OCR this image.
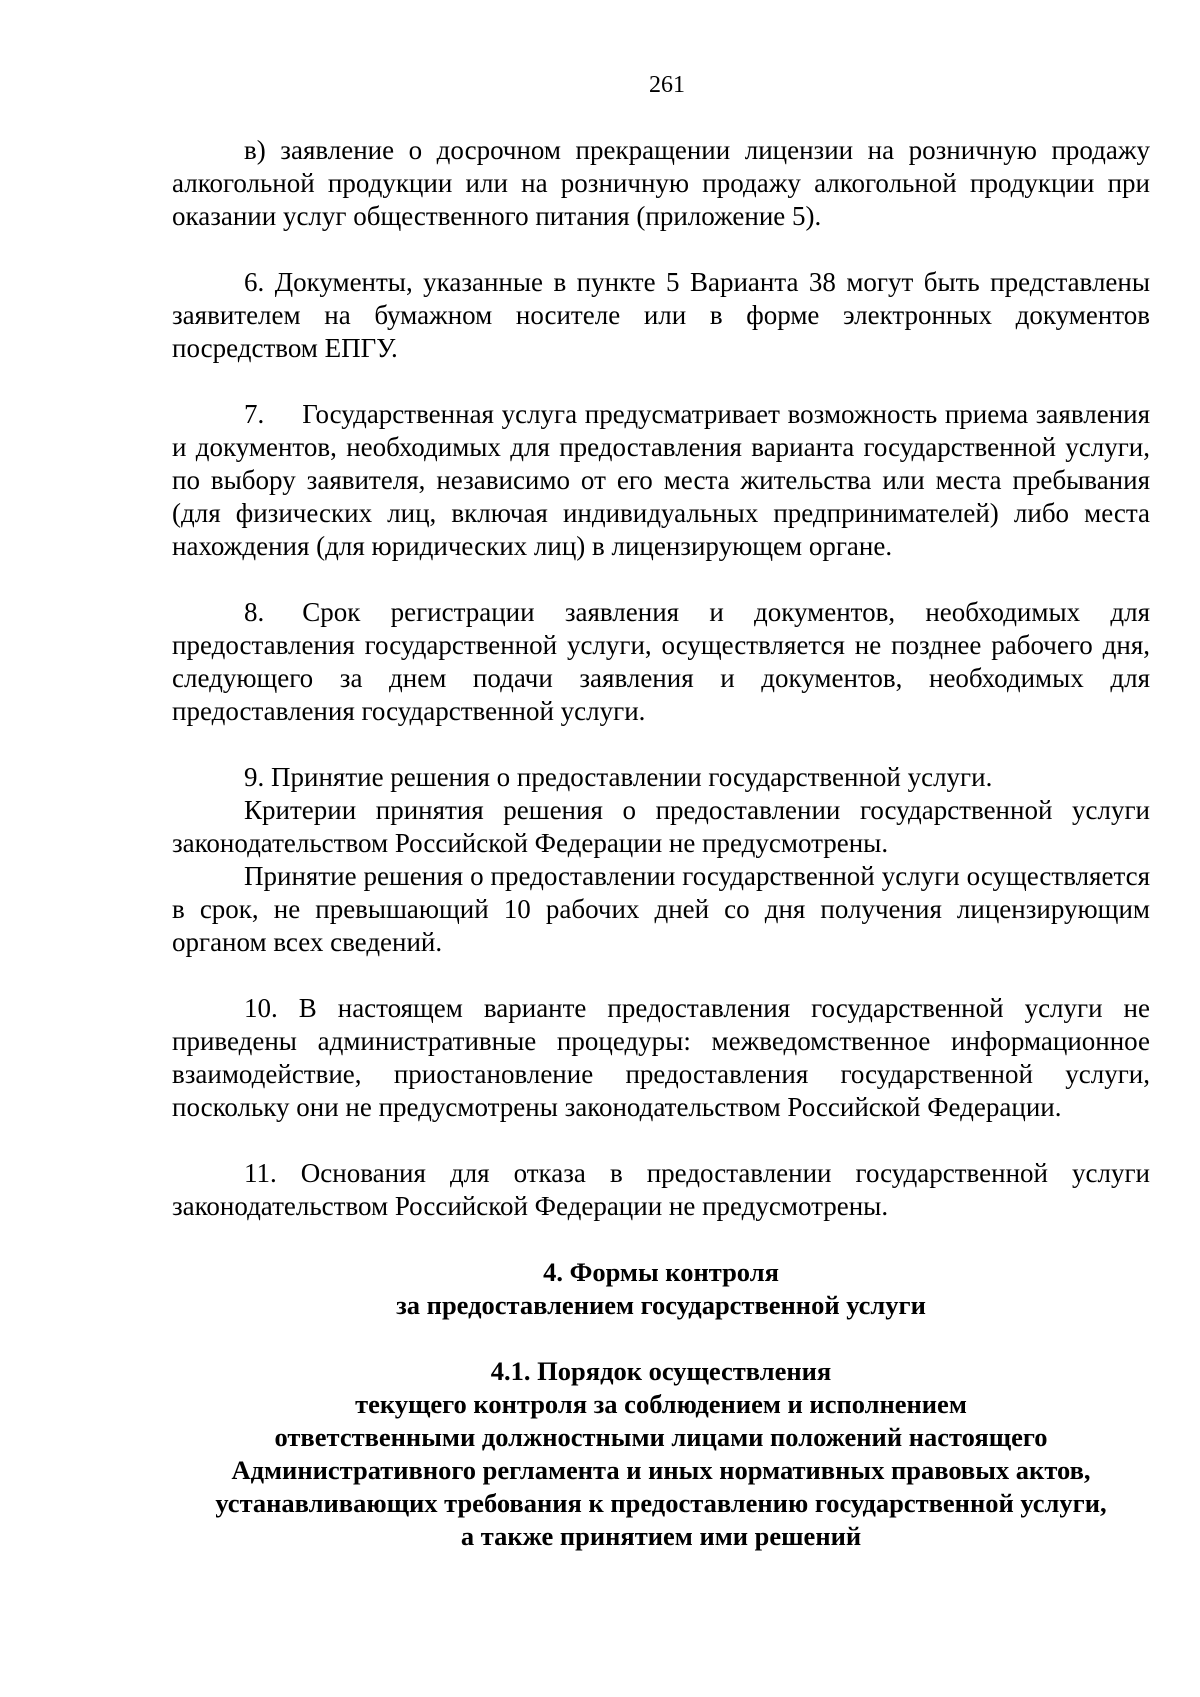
261

в) заявление о досрочном прекращении лицензии на розничную продажу алкогольной продукции или на розничную продажу алкогольной продукции при оказании услуг общественного питания (приложение 5).

6. Документы, указанные в пункте 5 Варианта 38 могут быть представлены заявителем на бумажном носителе или в форме электронных документов посредством ЕПГУ.

7. Государственная услуга предусматривает возможность приема заявления и документов, необходимых для предоставления варианта государственной услуги, по выбору заявителя, независимо от его места жительства или места пребывания (для физических лиц, включая индивидуальных предпринимателей) либо места нахождения (для юридических лиц) в лицензирующем органе.

8. Срок регистрации заявления и документов, необходимых для предоставления государственной услуги, осуществляется не позднее рабочего дня, следующего за днем подачи заявления и документов, необходимых для предоставления государственной услуги.

9. Принятие решения о предоставлении государственной услуги.

Критерии принятия решения о предоставлении государственной услуги законодательством Российской Федерации не предусмотрены.

Принятие решения о предоставлении государственной услуги осуществляется в срок, не превышающий 10 рабочих дней со дня получения лицензирующим органом всех сведений.

10. В настоящем варианте предоставления государственной услуги не приведены административные процедуры: межведомственное информационное взаимодействие, приостановление предоставления государственной услуги, поскольку они не предусмотрены законодательством Российской Федерации.

11. Основания для отказа в предоставлении государственной услуги законодательством Российской Федерации не предусмотрены.

4. Формы контроля

за предоставлением государственной услуги

4.1. Порядок осуществления

текущего контроля за соблюдением и исполнением

ответственными должностными лицами положений настоящего

Административного регламента и иных нормативных правовых актов,

устанавливающих требования к предоставлению государственной услуги,

а также принятием ими решений
